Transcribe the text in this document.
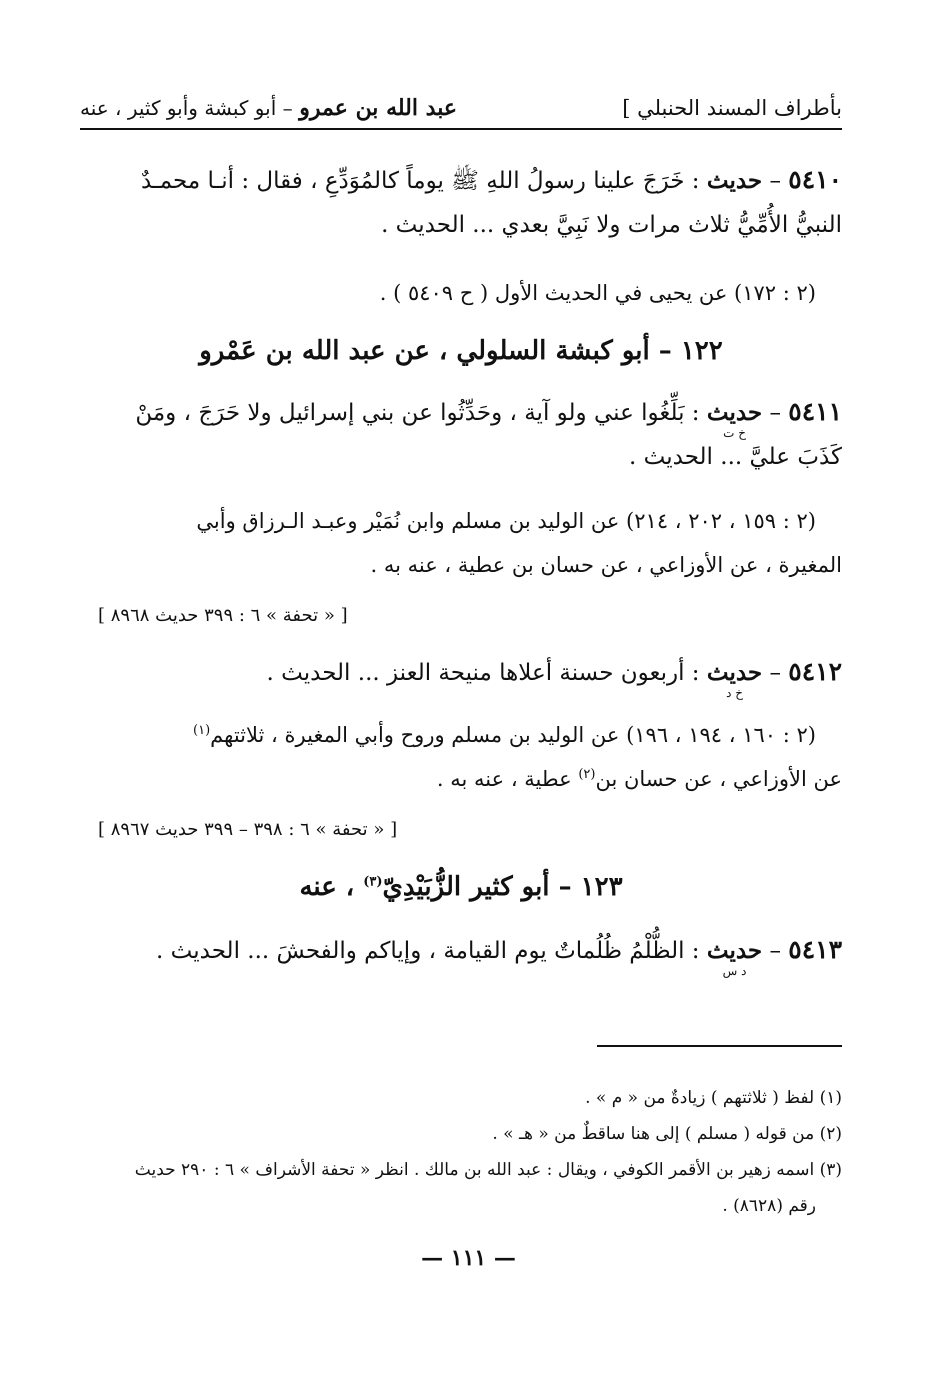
بأطراف المسند الحنبلي ]
عبد الله بن عمرو – أبو كبشة وأبو كثير ، عنه
٥٤١٠ – حديث : خَرَجَ علينا رسولُ اللهِ ﷺ يوماً كالمُوَدِّعِ ، فقال : أنـا محمـدٌ
النبيُّ الأُمِّيُّ ثلاث مرات ولا نَبِيَّ بعدي ... الحديث .
(٢ : ١٧٢) عن يحيى في الحديث الأول ( ح ٥٤٠٩ ) .
١٢٢ – أبو كبشة السلولي ، عن عبد الله بن عَمْرو
٥٤١١ – حديث
خ ت
: بَلِّغُوا عني ولو آية ، وحَدِّثُوا عن بني إسرائيل ولا حَرَجَ ، ومَنْ
كَذَبَ عليَّ ... الحديث .
(٢ : ١٥٩ ، ٢٠٢ ، ٢١٤) عن الوليد بن مسلم وابن نُمَيْر وعبـد الـرزاق وأبي
المغيرة ، عن الأوزاعي ، عن حسان بن عطية ، عنه به .
[ « تحفة » ٦ : ٣٩٩ حديث ٨٩٦٨ ]
٥٤١٢ – حديث
خ د
: أربعون حسنة أعلاها منيحة العنز ... الحديث .
(٢ : ١٦٠ ، ١٩٤ ، ١٩٦) عن الوليد بن مسلم وروح وأبي المغيرة ، ثلاثتهم$^{(١)}$
عن الأوزاعي ، عن حسان بن$^{(٢)}$ عطية ، عنه به .
[ « تحفة » ٦ : ٣٩٨ – ٣٩٩ حديث ٨٩٦٧ ]
١٢٣ – أبو كثير الزُّبَيْدِيّ$^{(٣)}$ ، عنه
٥٤١٣ – حديث
د س
: الظُّلْمُ ظُلُماتٌ يوم القيامة ، وإياكم والفحشَ ... الحديث .
(١) لفظ ( ثلاثتهم ) زيادةٌ من « م » .
(٢) من قوله ( مسلم ) إلى هنا ساقطٌ من « هـ » .
(٣) اسمه زهير بن الأقمر الكوفي ، ويقال : عبد الله بن مالك . انظر « تحفة الأشراف » ٦ : ٢٩٠ حديث
رقم (٨٦٢٨) .
— ١١١ —
